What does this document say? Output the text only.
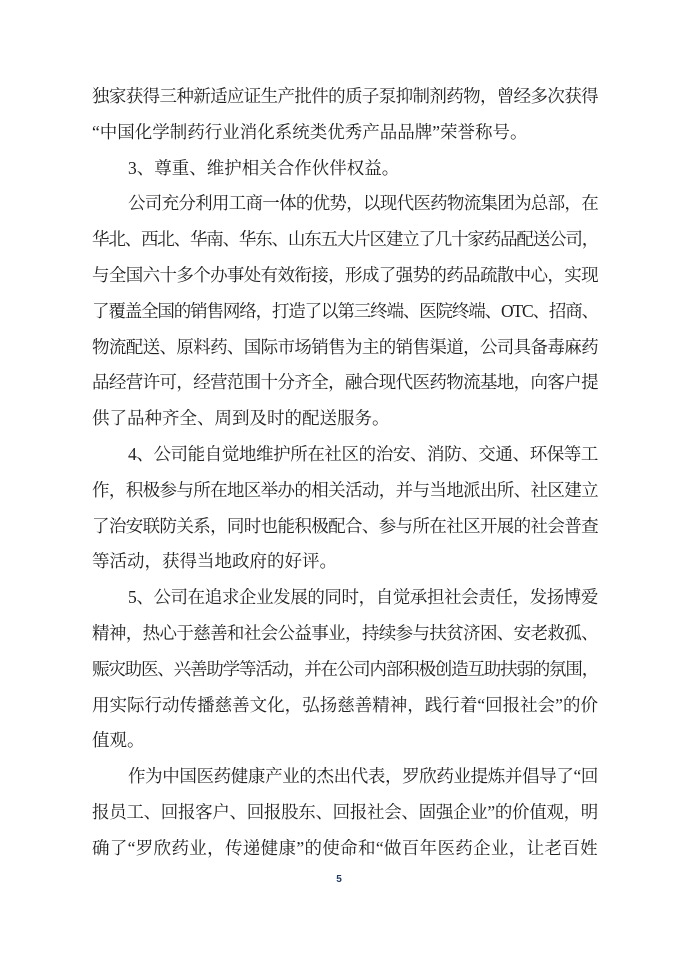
独家获得三种新适应证生产批件的质子泵抑制剂药物，曾经多次获得
“中国化学制药行业消化系统类优秀产品品牌”荣誉称号。
3、尊重、维护相关合作伙伴权益。
公司充分利用工商一体的优势，以现代医药物流集团为总部，在
华北、西北、华南、华东、山东五大片区建立了几十家药品配送公司，
与全国六十多个办事处有效衔接，形成了强势的药品疏散中心，实现
了覆盖全国的销售网络，打造了以第三终端、医院终端、OTC、招商、
物流配送、原料药、国际市场销售为主的销售渠道，公司具备毒麻药
品经营许可，经营范围十分齐全，融合现代医药物流基地，向客户提
供了品种齐全、周到及时的配送服务。
4、公司能自觉地维护所在社区的治安、消防、交通、环保等工
作，积极参与所在地区举办的相关活动，并与当地派出所、社区建立
了治安联防关系，同时也能积极配合、参与所在社区开展的社会普查
等活动，获得当地政府的好评。
5、公司在追求企业发展的同时，自觉承担社会责任，发扬博爱
精神，热心于慈善和社会公益事业，持续参与扶贫济困、安老救孤、
赈灾助医、兴善助学等活动，并在公司内部积极创造互助扶弱的氛围，
用实际行动传播慈善文化，弘扬慈善精神，践行着“回报社会”的价
值观。
作为中国医药健康产业的杰出代表，罗欣药业提炼并倡导了“回
报员工、回报客户、回报股东、回报社会、固强企业”的价值观，明
确了“罗欣药业，传递健康”的使命和“做百年医药企业，让老百姓
5
